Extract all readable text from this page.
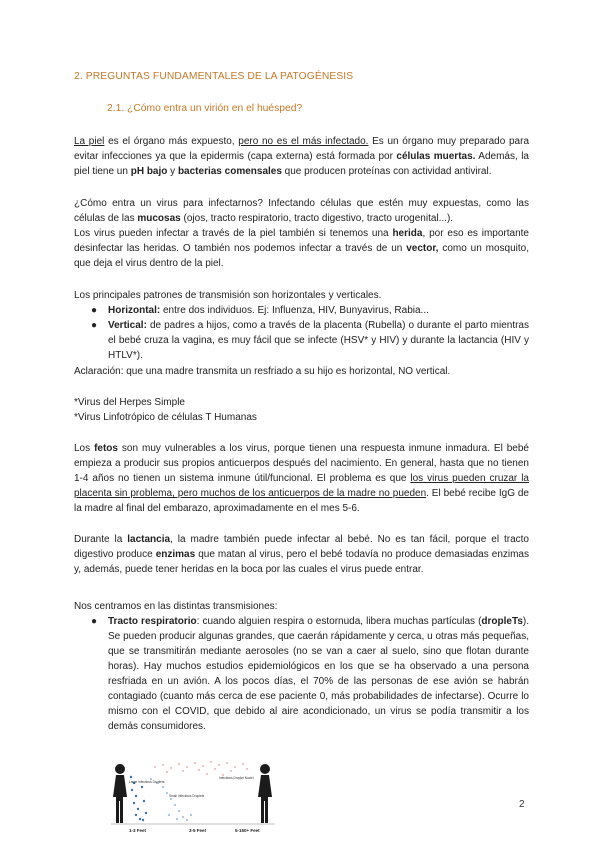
2. PREGUNTAS FUNDAMENTALES DE LA PATOGÉNESIS
2.1. ¿Cómo entra un virión en el huésped?

La piel es el órgano más expuesto, pero no es el más infectado. Es un órgano muy preparado para evitar infecciones ya que la epidermis (capa externa) está formada por células muertas. Además, la piel tiene un pH bajo y bacterias comensales que producen proteínas con actividad antiviral.

¿Cómo entra un virus para infectarnos? Infectando células que estén muy expuestas, como las células de las mucosas (ojos, tracto respiratorio, tracto digestivo, tracto urogenital...).

Los virus pueden infectar a través de la piel también si tenemos una herida, por eso es importante desinfectar las heridas. O también nos podemos infectar a través de un vector, como un mosquito, que deja el virus dentro de la piel.

Los principales patrones de transmisión son horizontales y verticales.

● Horizontal: entre dos individuos. Ej: Influenza, HIV, Bunyavirus, Rabia...
● Vertical: de padres a hijos, como a través de la placenta (Rubella) o durante el parto mientras el bebé cruza la vagina, es muy fácil que se infecte (HSV* y HIV) y durante la lactancia (HIV y HTLV*).

Aclaración: que una madre transmita un resfriado a su hijo es horizontal, NO vertical.

*Virus del Herpes Simple

*Virus Linfotrópico de células T Humanas

Los fetos son muy vulnerables a los virus, porque tienen una respuesta inmune inmadura. El bebé empieza a producir sus propios anticuerpos después del nacimiento. En general, hasta que no tienen 1-4 años no tienen un sistema inmune útil/funcional. El problema es que los virus pueden cruzar la placenta sin problema, pero muchos de los anticuerpos de la madre no pueden. El bebé recibe IgG de la madre al final del embarazo, aproximadamente en el mes 5-6.

Durante la lactancia, la madre también puede infectar al bebé. No es tan fácil, porque el tracto digestivo produce enzimas que matan al virus, pero el bebé todavía no produce demasiadas enzimas y, además, puede tener heridas en la boca por las cuales el virus puede entrar.

Nos centramos en las distintas transmisiones:

● Tracto respiratorio: cuando alguien respira o estornuda, libera muchas partículas (dropleTs). Se pueden producir algunas grandes, que caerán rápidamente y cerca, u otras más pequeñas, que se transmitirán mediante aerosoles (no se van a caer al suelo, sino que flotan durante horas). Hay muchos estudios epidemiológicos en los que se ha observado a una persona resfriada en un avión. A los pocos días, el 70% de las personas de ese avión se habrán contagiado (cuanto más cerca de ese paciente 0, más probabilidades de infectarse). Ocurre lo mismo con el COVID, que debido al aire acondicionado, un virus se podía transmitir a los demás consumidores.
Large Infectious Droplets
Small Infectious Droplets
Infectious Droplet Nuclei
1-3 Feet	3-5 Feet	5-150+ Feet
2
